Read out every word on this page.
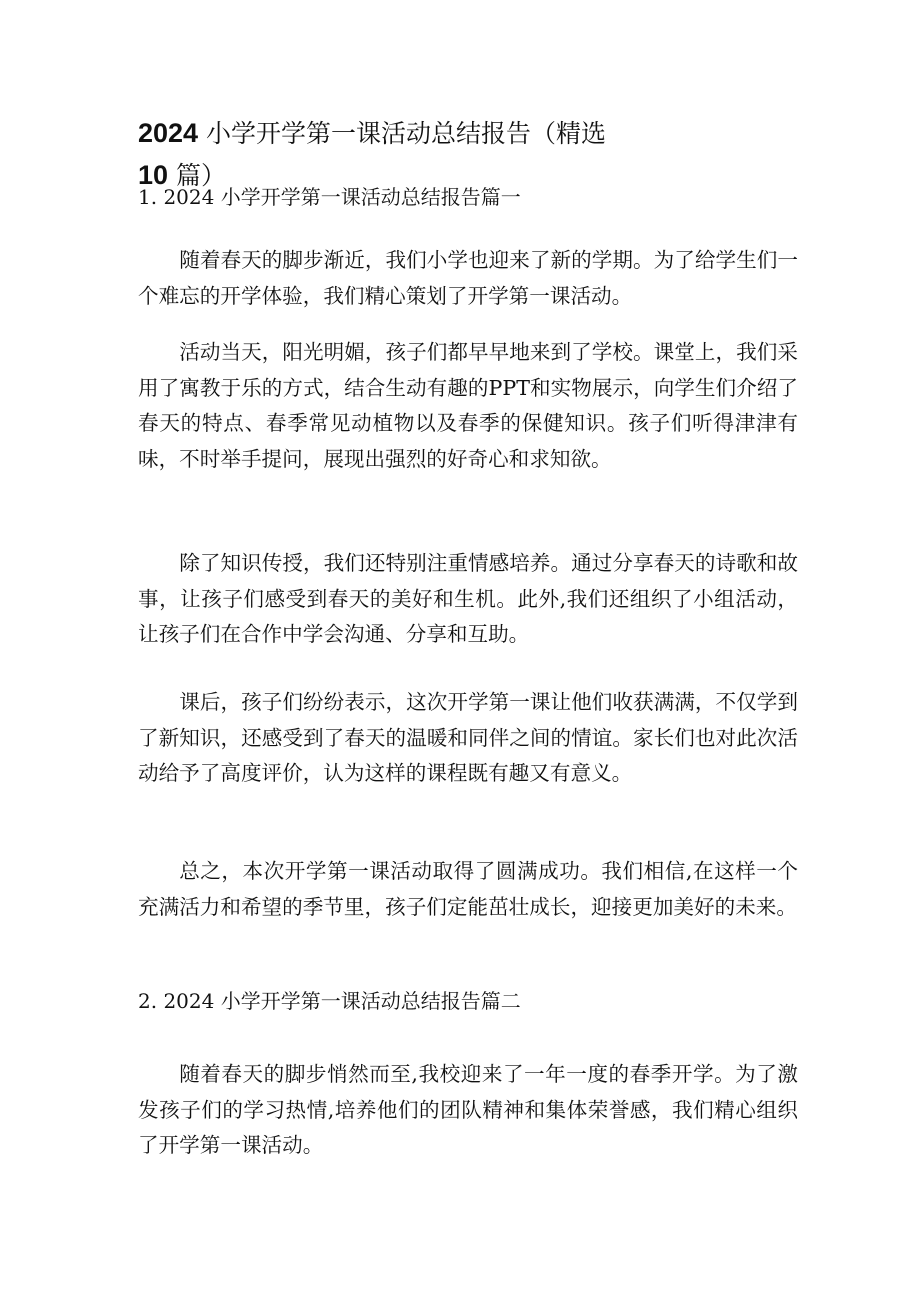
2024 小学开学第一课活动总结报告（精选
10 篇）
1. 2024 小学开学第一课活动总结报告篇一

随着春天的脚步渐近，我们小学也迎来了新的学期。为了给学生们一个难忘的开学体验，我们精心策划了开学第一课活动。

活动当天，阳光明媚，孩子们都早早地来到了学校。课堂上，我们采用了寓教于乐的方式，结合生动有趣的PPT和实物展示，向学生们介绍了春天的特点、春季常见动植物以及春季的保健知识。孩子们听得津津有味，不时举手提问，展现出强烈的好奇心和求知欲。

除了知识传授，我们还特别注重情感培养。通过分享春天的诗歌和故事，让孩子们感受到春天的美好和生机。此外,我们还组织了小组活动，让孩子们在合作中学会沟通、分享和互助。

课后，孩子们纷纷表示，这次开学第一课让他们收获满满，不仅学到了新知识，还感受到了春天的温暖和同伴之间的情谊。家长们也对此次活动给予了高度评价，认为这样的课程既有趣又有意义。

总之，本次开学第一课活动取得了圆满成功。我们相信,在这样一个充满活力和希望的季节里，孩子们定能茁壮成长，迎接更加美好的未来。

2. 2024 小学开学第一课活动总结报告篇二

随着春天的脚步悄然而至,我校迎来了一年一度的春季开学。为了激发孩子们的学习热情,培养他们的团队精神和集体荣誉感，我们精心组织了开学第一课活动。
